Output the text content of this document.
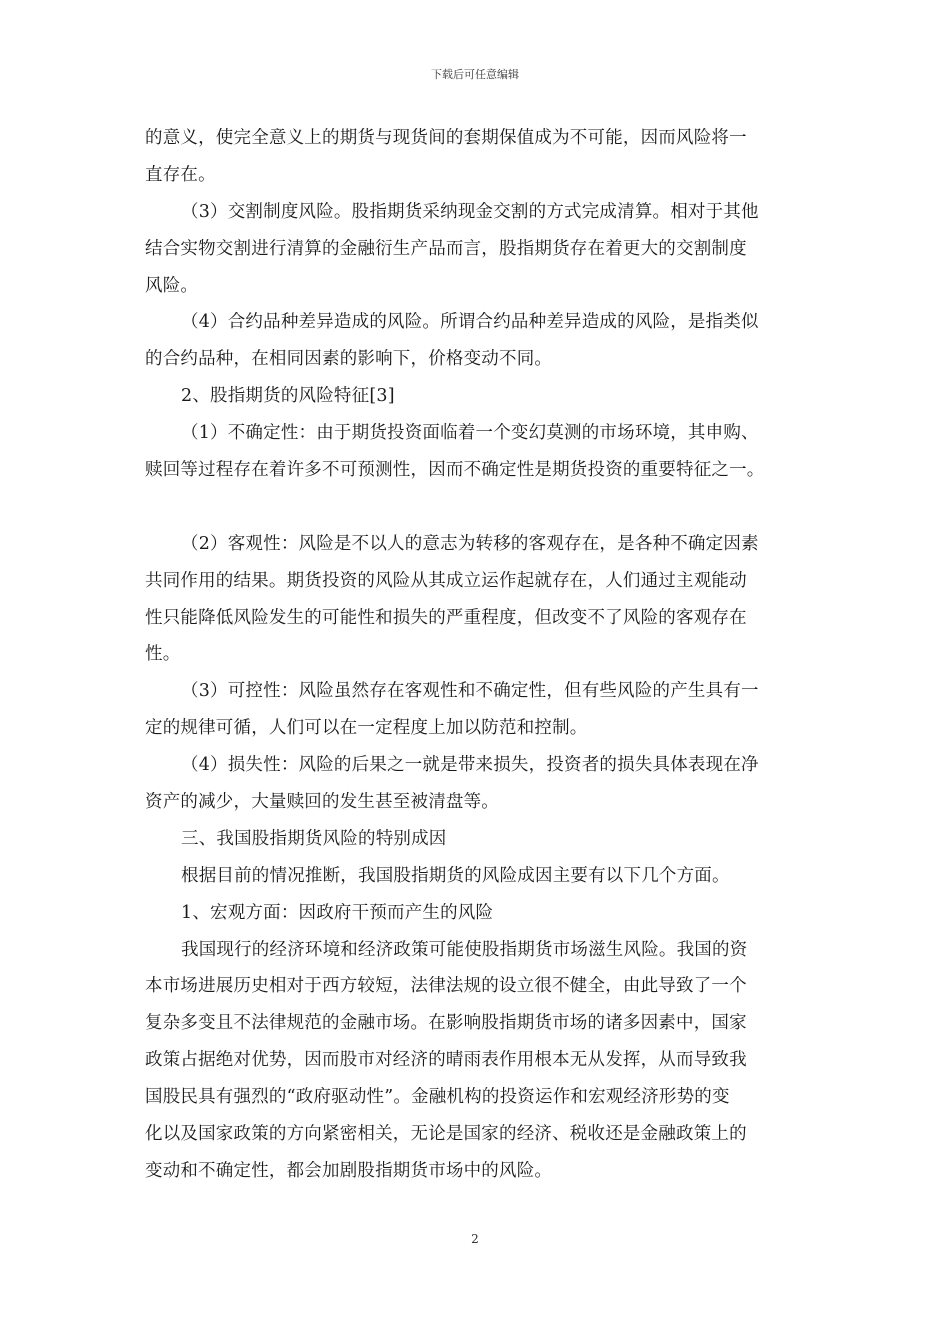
下载后可任意编辑
的意义，使完全意义上的期货与现货间的套期保值成为不可能，因而风险将一
直存在。
（3）交割制度风险。股指期货采纳现金交割的方式完成清算。相对于其他
结合实物交割进行清算的金融衍生产品而言，股指期货存在着更大的交割制度
风险。
（4）合约品种差异造成的风险。所谓合约品种差异造成的风险，是指类似
的合约品种，在相同因素的影响下，价格变动不同。
2、股指期货的风险特征[3]
（1）不确定性：由于期货投资面临着一个变幻莫测的市场环境，其申购、
赎回等过程存在着许多不可预测性，因而不确定性是期货投资的重要特征之一。
（2）客观性：风险是不以人的意志为转移的客观存在，是各种不确定因素
共同作用的结果。期货投资的风险从其成立运作起就存在，人们通过主观能动
性只能降低风险发生的可能性和损失的严重程度，但改变不了风险的客观存在
性。
（3）可控性：风险虽然存在客观性和不确定性，但有些风险的产生具有一
定的规律可循，人们可以在一定程度上加以防范和控制。
（4）损失性：风险的后果之一就是带来损失，投资者的损失具体表现在净
资产的减少，大量赎回的发生甚至被清盘等。
三、我国股指期货风险的特别成因
根据目前的情况推断，我国股指期货的风险成因主要有以下几个方面。
1、宏观方面：因政府干预而产生的风险
我国现行的经济环境和经济政策可能使股指期货市场滋生风险。我国的资
本市场进展历史相对于西方较短，法律法规的设立很不健全，由此导致了一个
复杂多变且不法律规范的金融市场。在影响股指期货市场的诸多因素中，国家
政策占据绝对优势，因而股市对经济的晴雨表作用根本无从发挥，从而导致我
国股民具有强烈的“政府驱动性”。金融机构的投资运作和宏观经济形势的变
化以及国家政策的方向紧密相关，无论是国家的经济、税收还是金融政策上的
变动和不确定性，都会加剧股指期货市场中的风险。
2
